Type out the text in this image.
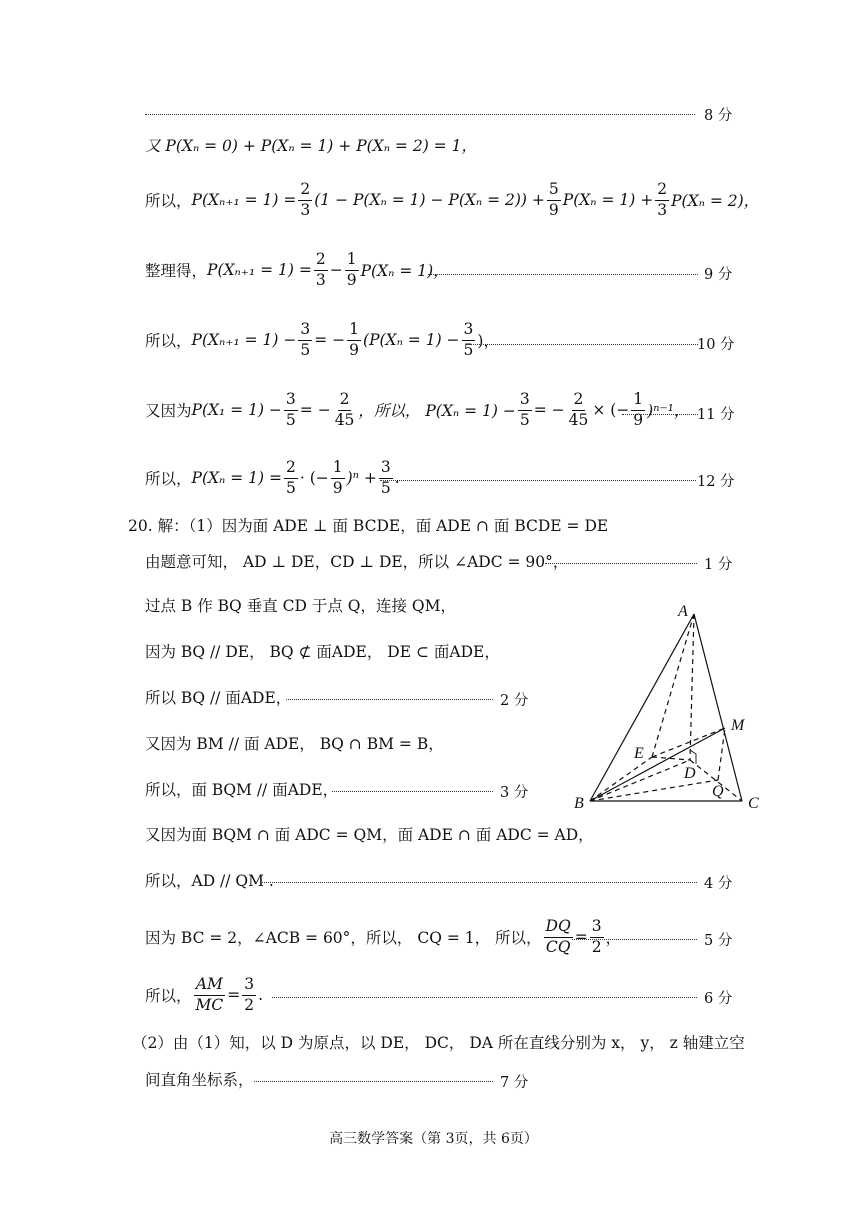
8 分
又 P(Xₙ = 0) + P(Xₙ = 1) + P(Xₙ = 2) = 1，
所以， $P(X_{n+1} = 1) = \frac{2}{3} (1 - P(X_n = 1) - P(X_n = 2)) + \frac{5}{9} P(X_n = 1) + \frac{2}{3} P(X_n = 2)$，
整理得， $P(X_{n+1} = 1) = \frac{2}{3} - \frac{1}{9} P(X_n = 1)$，	9 分
所以， $P(X_{n+1} = 1) - \frac{3}{5}$ = − $\frac{1}{9} (P(X_n = 1) - \frac{3}{5}$ )，	10 分
又因为 $P(X_1 = 1) - \frac{3}{5}$ = − $\frac{2}{45}$ ，所以， $P(X_n = 1) - \frac{3}{5}$ = − $\frac{2}{45}$ × (− $\frac{1}{9} )^{n-1}$， 11 分
所以， $P(X_n = 1) = \frac{2}{5}$ · (− $\frac{1}{9} )^n + \frac{3}{5}$ .	12 分
20. 解：（1）因为面 ADE ⊥ 面 BCDE，面 ADE ∩ 面 BCDE = DE
由题意可知， AD ⊥ DE，CD ⊥ DE，所以 ∠ADC = 90°，	1 分
过点 B 作 BQ 垂直 CD 于点 Q，连接 QM，
因为 BQ // DE， BQ ⊄ 面ADE， DE ⊂ 面ADE，
所以 BQ // 面ADE，	2 分
又因为 BM // 面 ADE， BQ ∩ BM = B，
所以，面 BQM // 面ADE，	3 分
又因为面 BQM ∩ 面 ADC = QM，面 ADE ∩ 面 ADC = AD，
所以，AD // QM .	4 分
因为 BC = 2，∠ACB = 60°，所以， CQ = 1， 所以， $\frac{DQ}{CQ} = \frac{3}{2}$ ，	5 分
所以， $\frac{AM}{MC} = \frac{3}{2}$ .	6 分
（2）由（1）知，以 D 为原点，以 DE， DC， DA 所在直线分别为 x， y， z 轴建立空
间直角坐标系，	7 分
A
M
E
D
Q
B	C
高三数学答案（第 3页，共 6页）
